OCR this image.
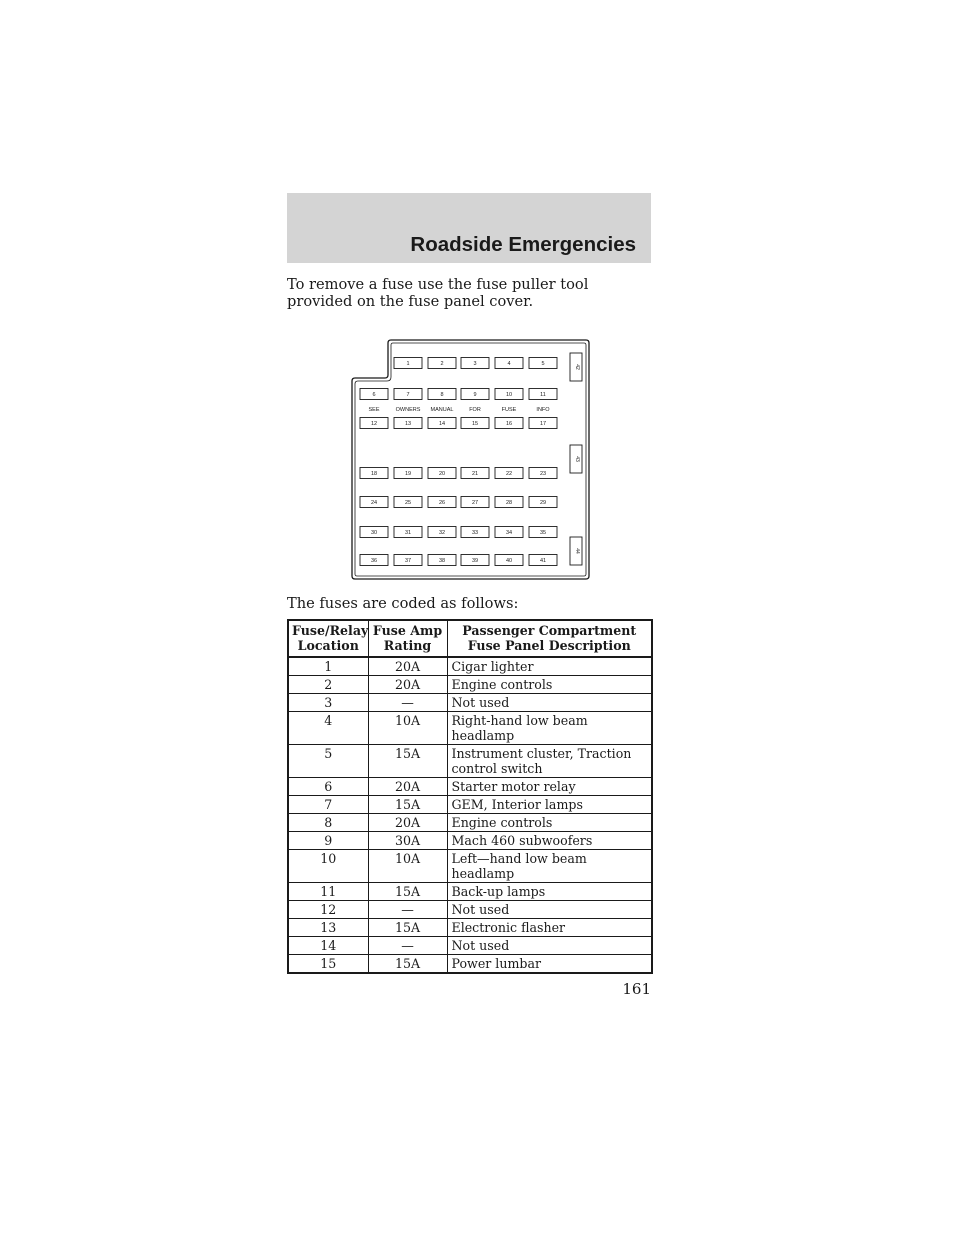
Roadside Emergencies

To remove a fuse use the fuse puller tool provided on the fuse panel cover.

1	2	3	4	5
6	7	8	9	10	11
12	13	14	15	16	17
18	19	20	21	22	23
24	25	26	27	28	29
30	31	32	33	34	35
36	37	38	39	40	41
SEE	OWNERS MANUAL	FOR	FUSE	INFO
42
43
44

The fuses are coded as follows:

Fuse/Relay Location	Fuse Amp Rating	Passenger Compartment Fuse Panel Description
1	20A	Cigar lighter
2	20A	Engine controls
3	—	Not used
4	10A	Right-hand low beam headlamp
5	15A	Instrument cluster, Traction control switch
6	20A	Starter motor relay
7	15A	GEM, Interior lamps
8	20A	Engine controls
9	30A	Mach 460 subwoofers
10	10A	Left—hand low beam headlamp
11	15A	Back-up lamps
12	—	Not used
13	15A	Electronic flasher
14	—	Not used
15	15A	Power lumbar

161
